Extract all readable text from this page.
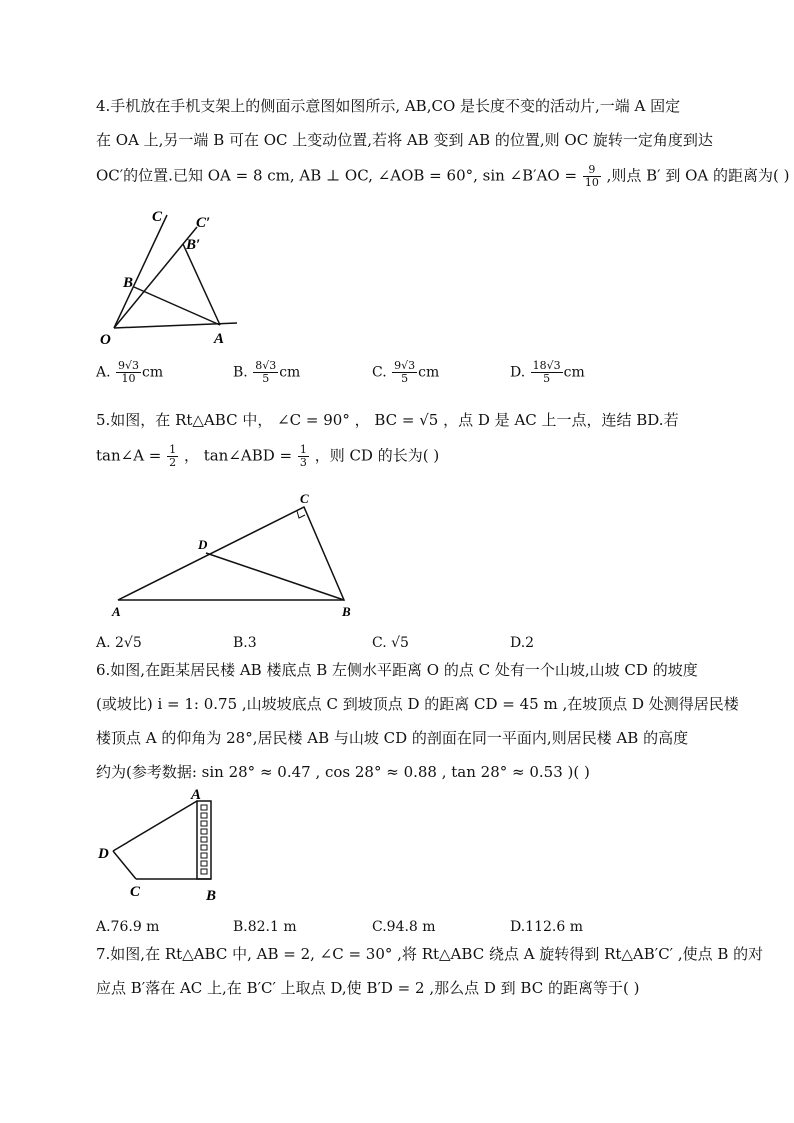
4.手机放在手机支架上的侧面示意图如图所示, AB,CO 是长度不变的活动片,一端 A 固定
在 OA 上,另一端 B 可在 OC 上变动位置,若将 AB 变到 AB 的位置,则 OC 旋转一定角度到达
OC′的位置.已知 OA = 8 cm, AB ⊥ OC, ∠AOB = 60°, sin ∠B′AO = $\frac{9}{10}$ ,则点 B′ 到 OA 的距离为( )
C C′
B′
B
O	A
A. $\frac{9√3}{10}$ cm	B. $\frac{8√3}{5}$ cm	C. $\frac{9√3}{5}$ cm	D. $\frac{18√3}{5}$ cm
5.如图，在 Rt△ABC 中， ∠C = 90° ， BC = √5 ，点 D 是 AC 上一点，连结 BD.若
tan∠A = $\frac{1}{2}$ ， tan∠ABD = $\frac{1}{3}$ ，则 CD 的长为( )
C
D
A	B
A. 2√5	B.3	C. √5	D.2
6.如图,在距某居民楼 AB 楼底点 B 左侧水平距离 O 的点 C 处有一个山坡,山坡 CD 的坡度
(或坡比) i = 1: 0.75 ,山坡坡底点 C 到坡顶点 D 的距离 CD = 45 m ,在坡顶点 D 处测得居民楼
楼顶点 A 的仰角为 28°,居民楼 AB 与山坡 CD 的剖面在同一平面内,则居民楼 AB 的高度
约为(参考数据: sin 28° ≈ 0.47 , cos 28° ≈ 0.88 , tan 28° ≈ 0.53 )( )
A
D
C	B
A.76.9 m	B.82.1 m	C.94.8 m	D.112.6 m
7.如图,在 Rt△ABC 中, AB = 2, ∠C = 30° ,将 Rt△ABC 绕点 A 旋转得到 Rt△AB′C′ ,使点 B 的对
应点 B′落在 AC 上,在 B′C′ 上取点 D,使 B′D = 2 ,那么点 D 到 BC 的距离等于( )
